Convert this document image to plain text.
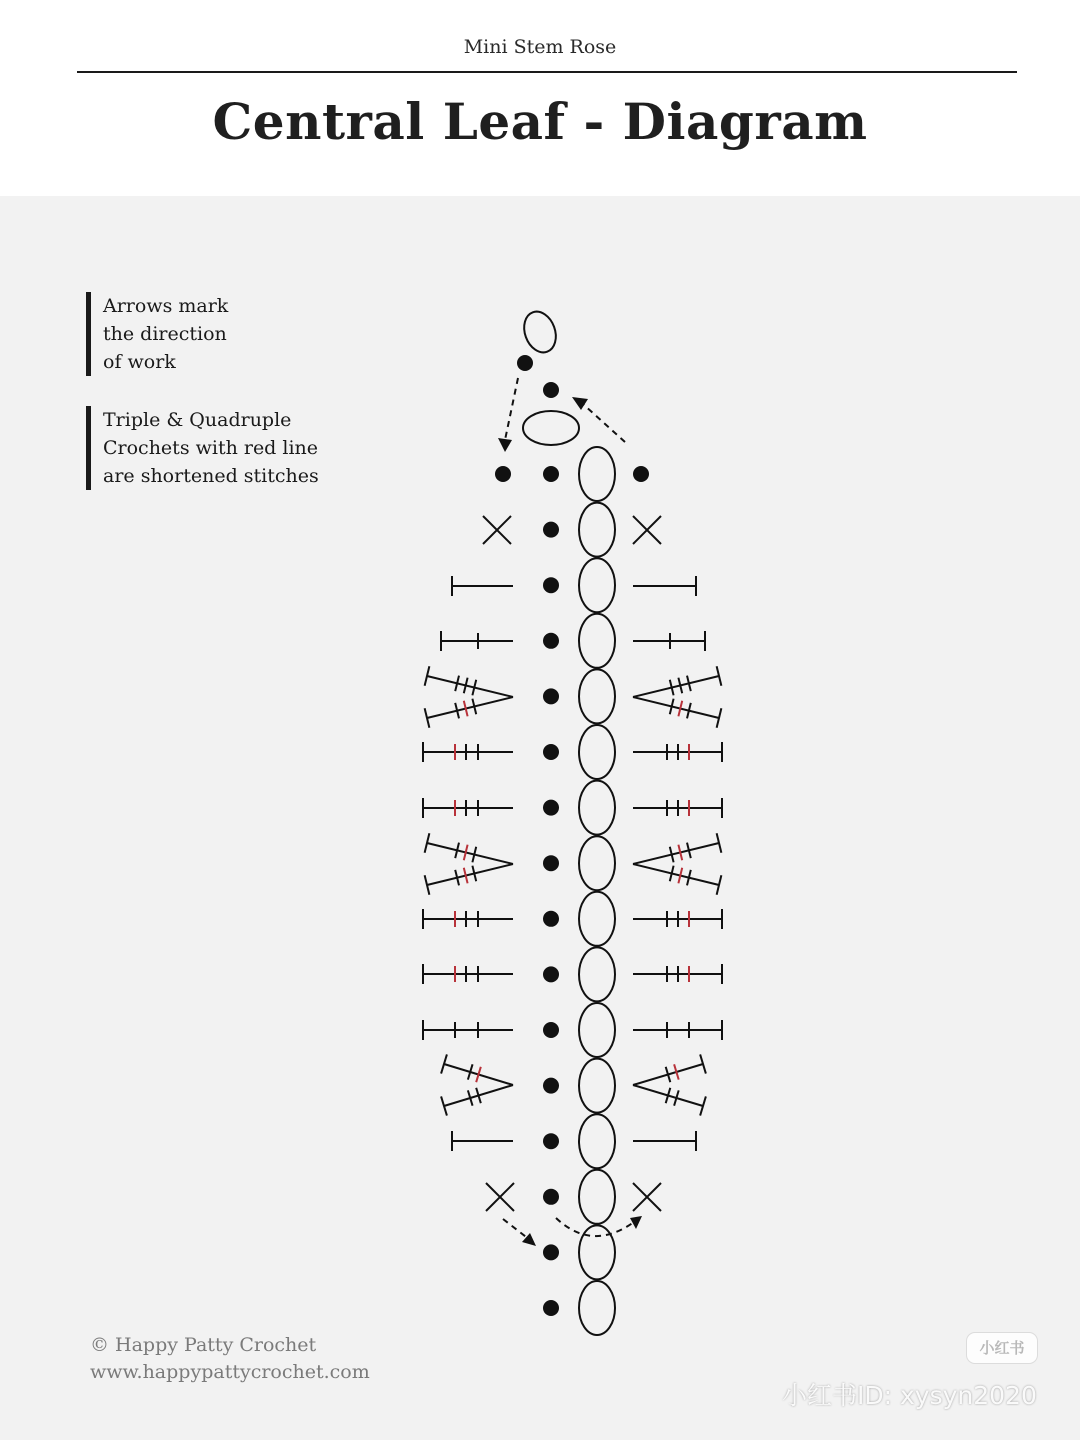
Mini Stem Rose
Central Leaf - Diagram
Arrows mark
the direction
of work
Triple & Quadruple
Crochets with red line
are shortened stitches
© Happy Patty Crochet
www.happypattycrochet.com
小红书
小红书ID: xysyn2020
